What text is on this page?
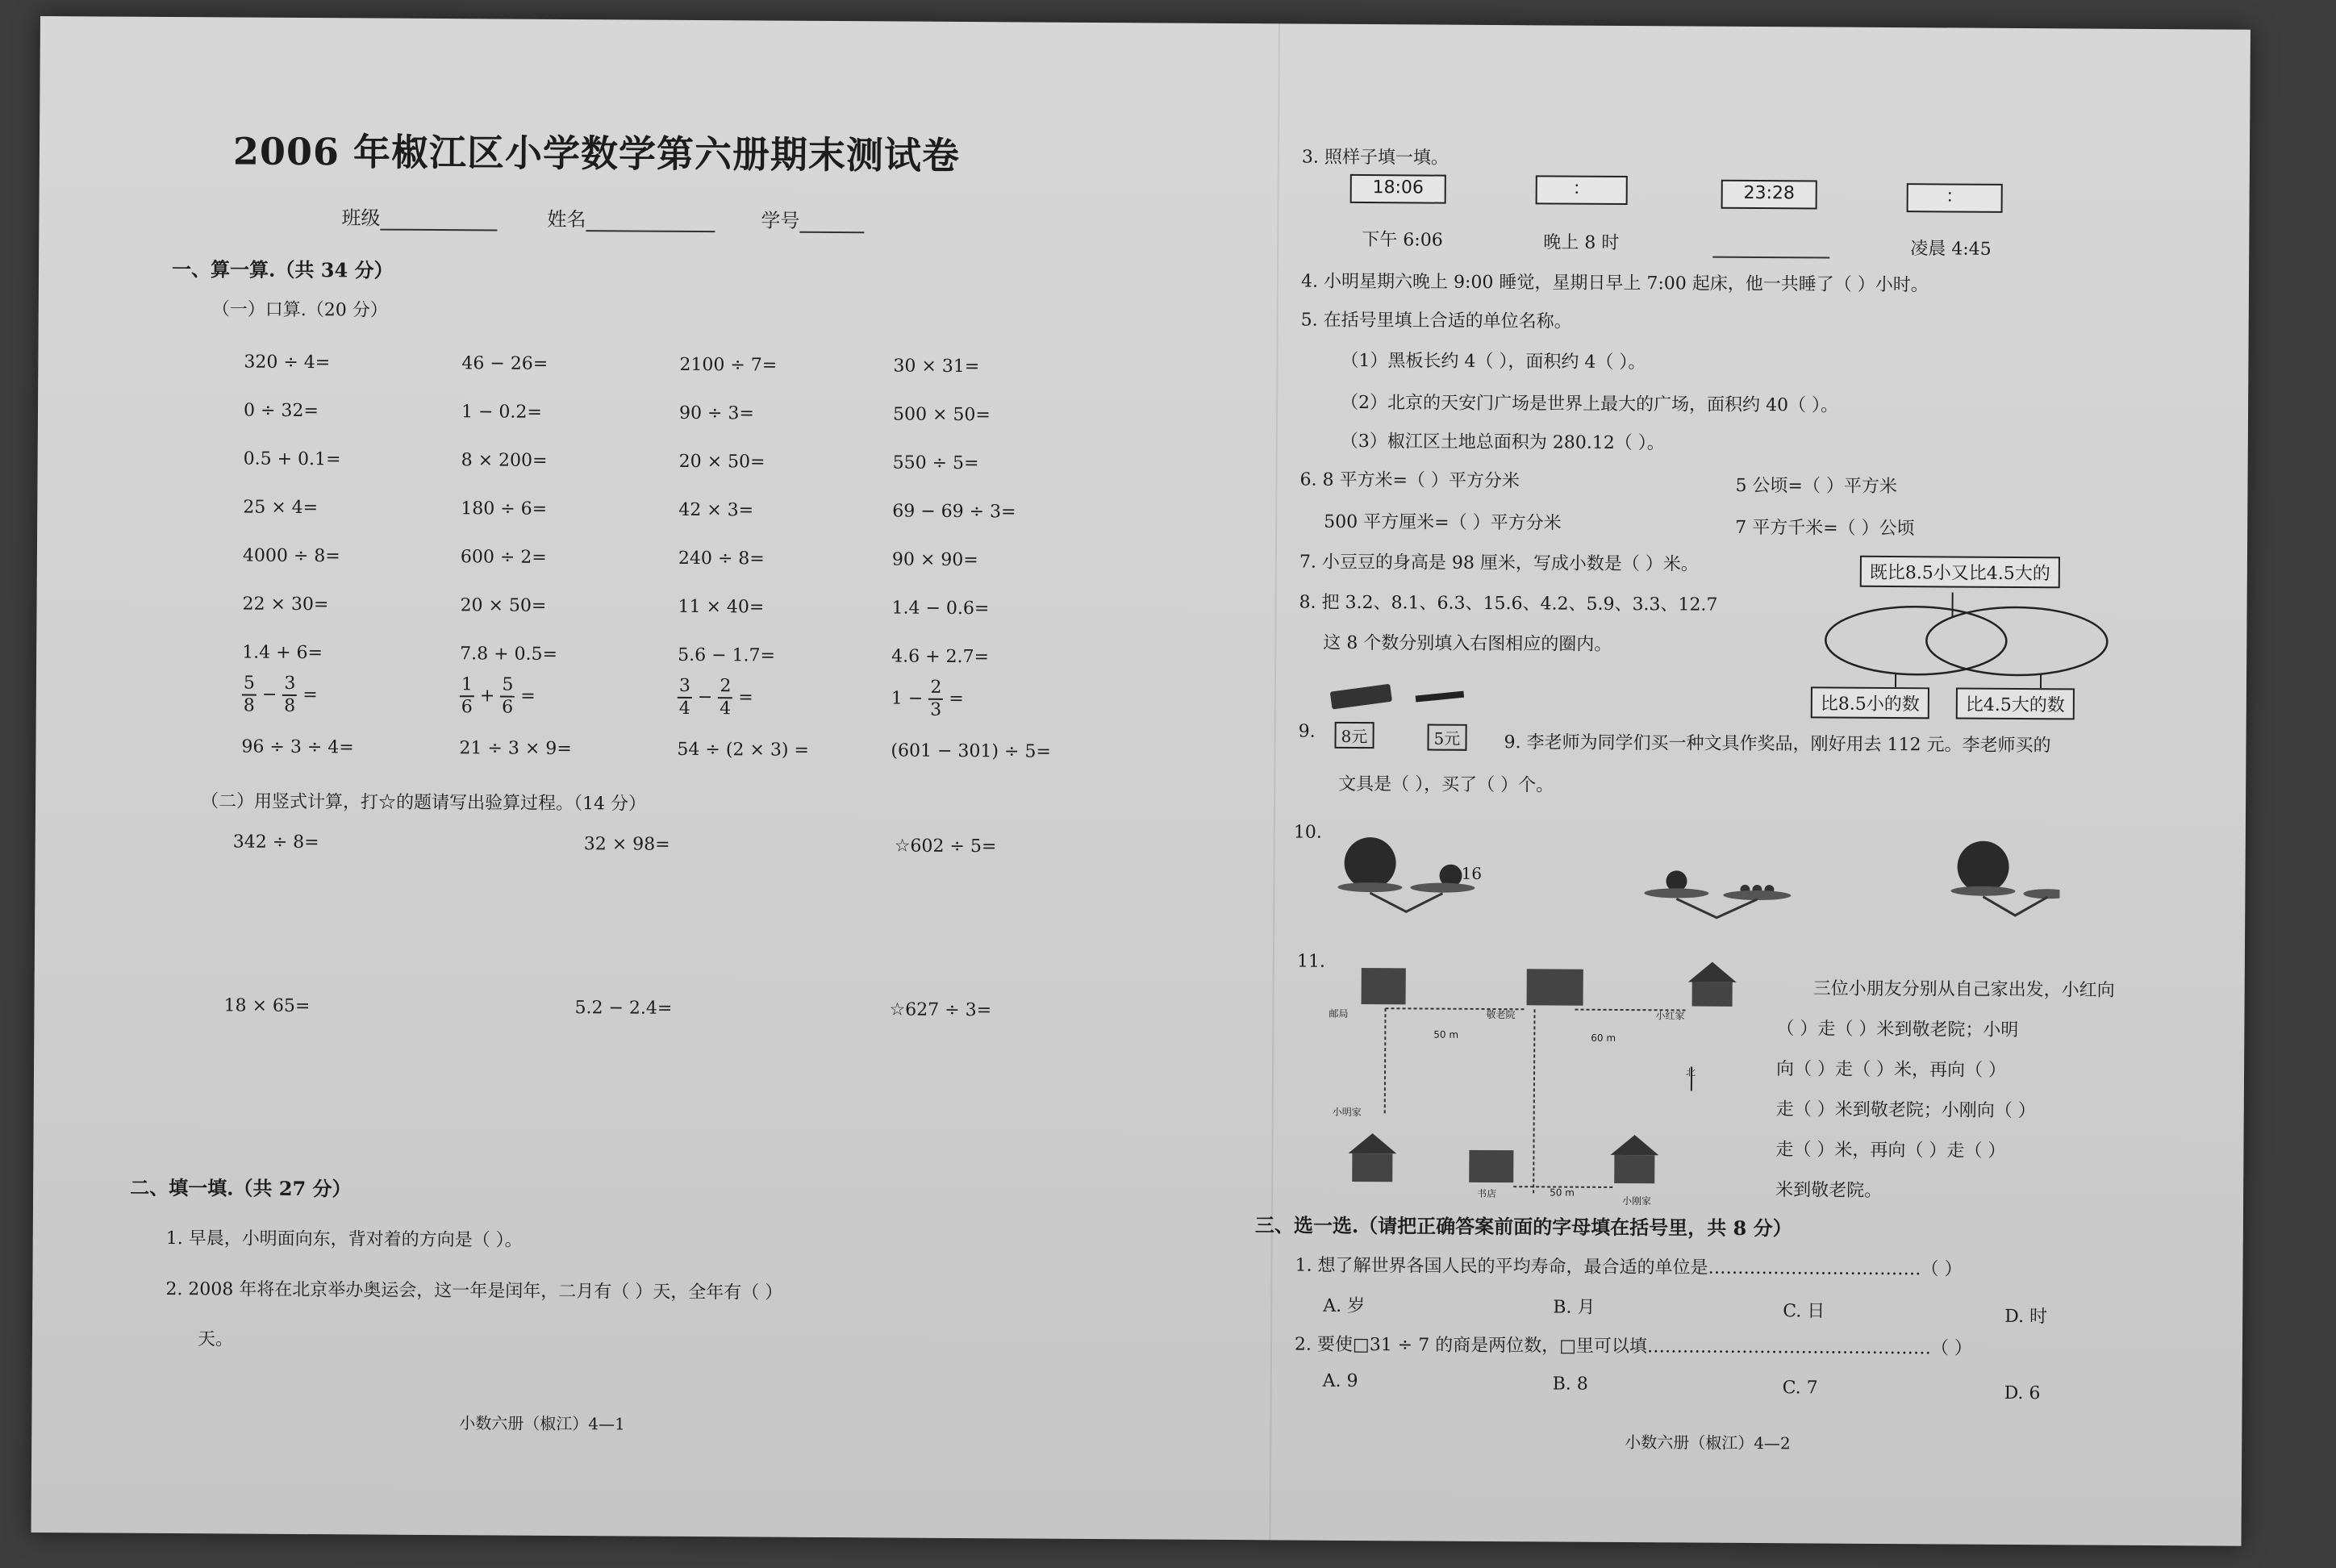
2006 年椒江区小学数学第六册期末测试卷
班级	姓名	学号
一、算一算.（共 34 分）
（一）口算.（20 分）
320 ÷ 4=	46 − 26=	2100 ÷ 7=	30 × 31=
0 ÷ 32=	1 − 0.2=	90 ÷ 3=	500 × 50=
0.5 + 0.1=	8 × 200=	20 × 50=	550 ÷ 5=
25 × 4=	180 ÷ 6=	42 × 3=	69 − 69 ÷ 3=
4000 ÷ 8=	600 ÷ 2=	240 ÷ 8=	90 × 90=
22 × 30=	20 × 50=	11 × 40=	1.4 − 0.6=
1.4 + 6=	7.8 + 0.5=	5.6 − 1.7=	4.6 + 2.7=
$\frac{5}{8} - \frac{3}{8}$ =	$\frac{1}{6} + \frac{5}{6}$ =	$\frac{3}{4} - \frac{2}{4}$ =	$1 - \frac{2}{3}$ =
96 ÷ 3 ÷ 4=	21 ÷ 3 × 9=	54 ÷ (2 × 3) =	(601 − 301) ÷ 5=
（二）用竖式计算，打☆的题请写出验算过程。（14 分）
342 ÷ 8=	32 × 98=	☆602 ÷ 5=
18 × 65=	5.2 − 2.4=	☆627 ÷ 3=
二、填一填.（共 27 分）
1. 早晨，小明面向东，背对着的方向是（ ）。
2. 2008 年将在北京举办奥运会，这一年是闰年，二月有（ ）天，全年有（ ）
天。
小数六册（椒江）4—1
3. 照样子填一填。
18:06	：	23:28	：
下午 6:06	晚上 8 时	凌晨 4:45
4. 小明星期六晚上 9:00 睡觉，星期日早上 7:00 起床，他一共睡了（ ）小时。
5. 在括号里填上合适的单位名称。
（1）黑板长约 4（ ），面积约 4（ ）。
（2）北京的天安门广场是世界上最大的广场，面积约 40（ ）。
（3）椒江区土地总面积为 280.12（ ）。
6. 8 平方米=（ ）平方分米	5 公顷=（ ）平方米
500 平方厘米=（ ）平方分米	7 平方千米=（ ）公顷
7. 小豆豆的身高是 98 厘米，写成小数是（ ）米。
8. 把 3.2、8.1、6.3、15.6、4.2、5.9、3.3、12.7
这 8 个数分别填入右图相应的圈内。
既比8.5小又比4.5大的
比8.5小的数	比4.5大的数
8元	5元
9.
9. 李老师为同学们买一种文具作奖品，刚好用去 112 元。李老师买的
文具是（ ），买了（ ）个。
10.
16
11.
邮局	敬老院	小红家
小明家
书店
小刚家
50 m	60 m
50 m
北
三位小朋友分别从自己家出发，小红向
（ ）走（ ）米到敬老院；小明
向（ ）走（ ）米，再向（ ）
走（ ）米到敬老院；小刚向（ ）
走（ ）米，再向（ ）走（ ）
米到敬老院。
三、选一选.（请把正确答案前面的字母填在括号里，共 8 分）
1. 想了解世界各国人民的平均寿命，最合适的单位是………………………………（ ）
A. 岁	B. 月	C. 日	D. 时
2. 要使□31 ÷ 7 的商是两位数，□里可以填…………………………………………（ ）
A. 9	B. 8	C. 7	D. 6
小数六册（椒江）4—2
